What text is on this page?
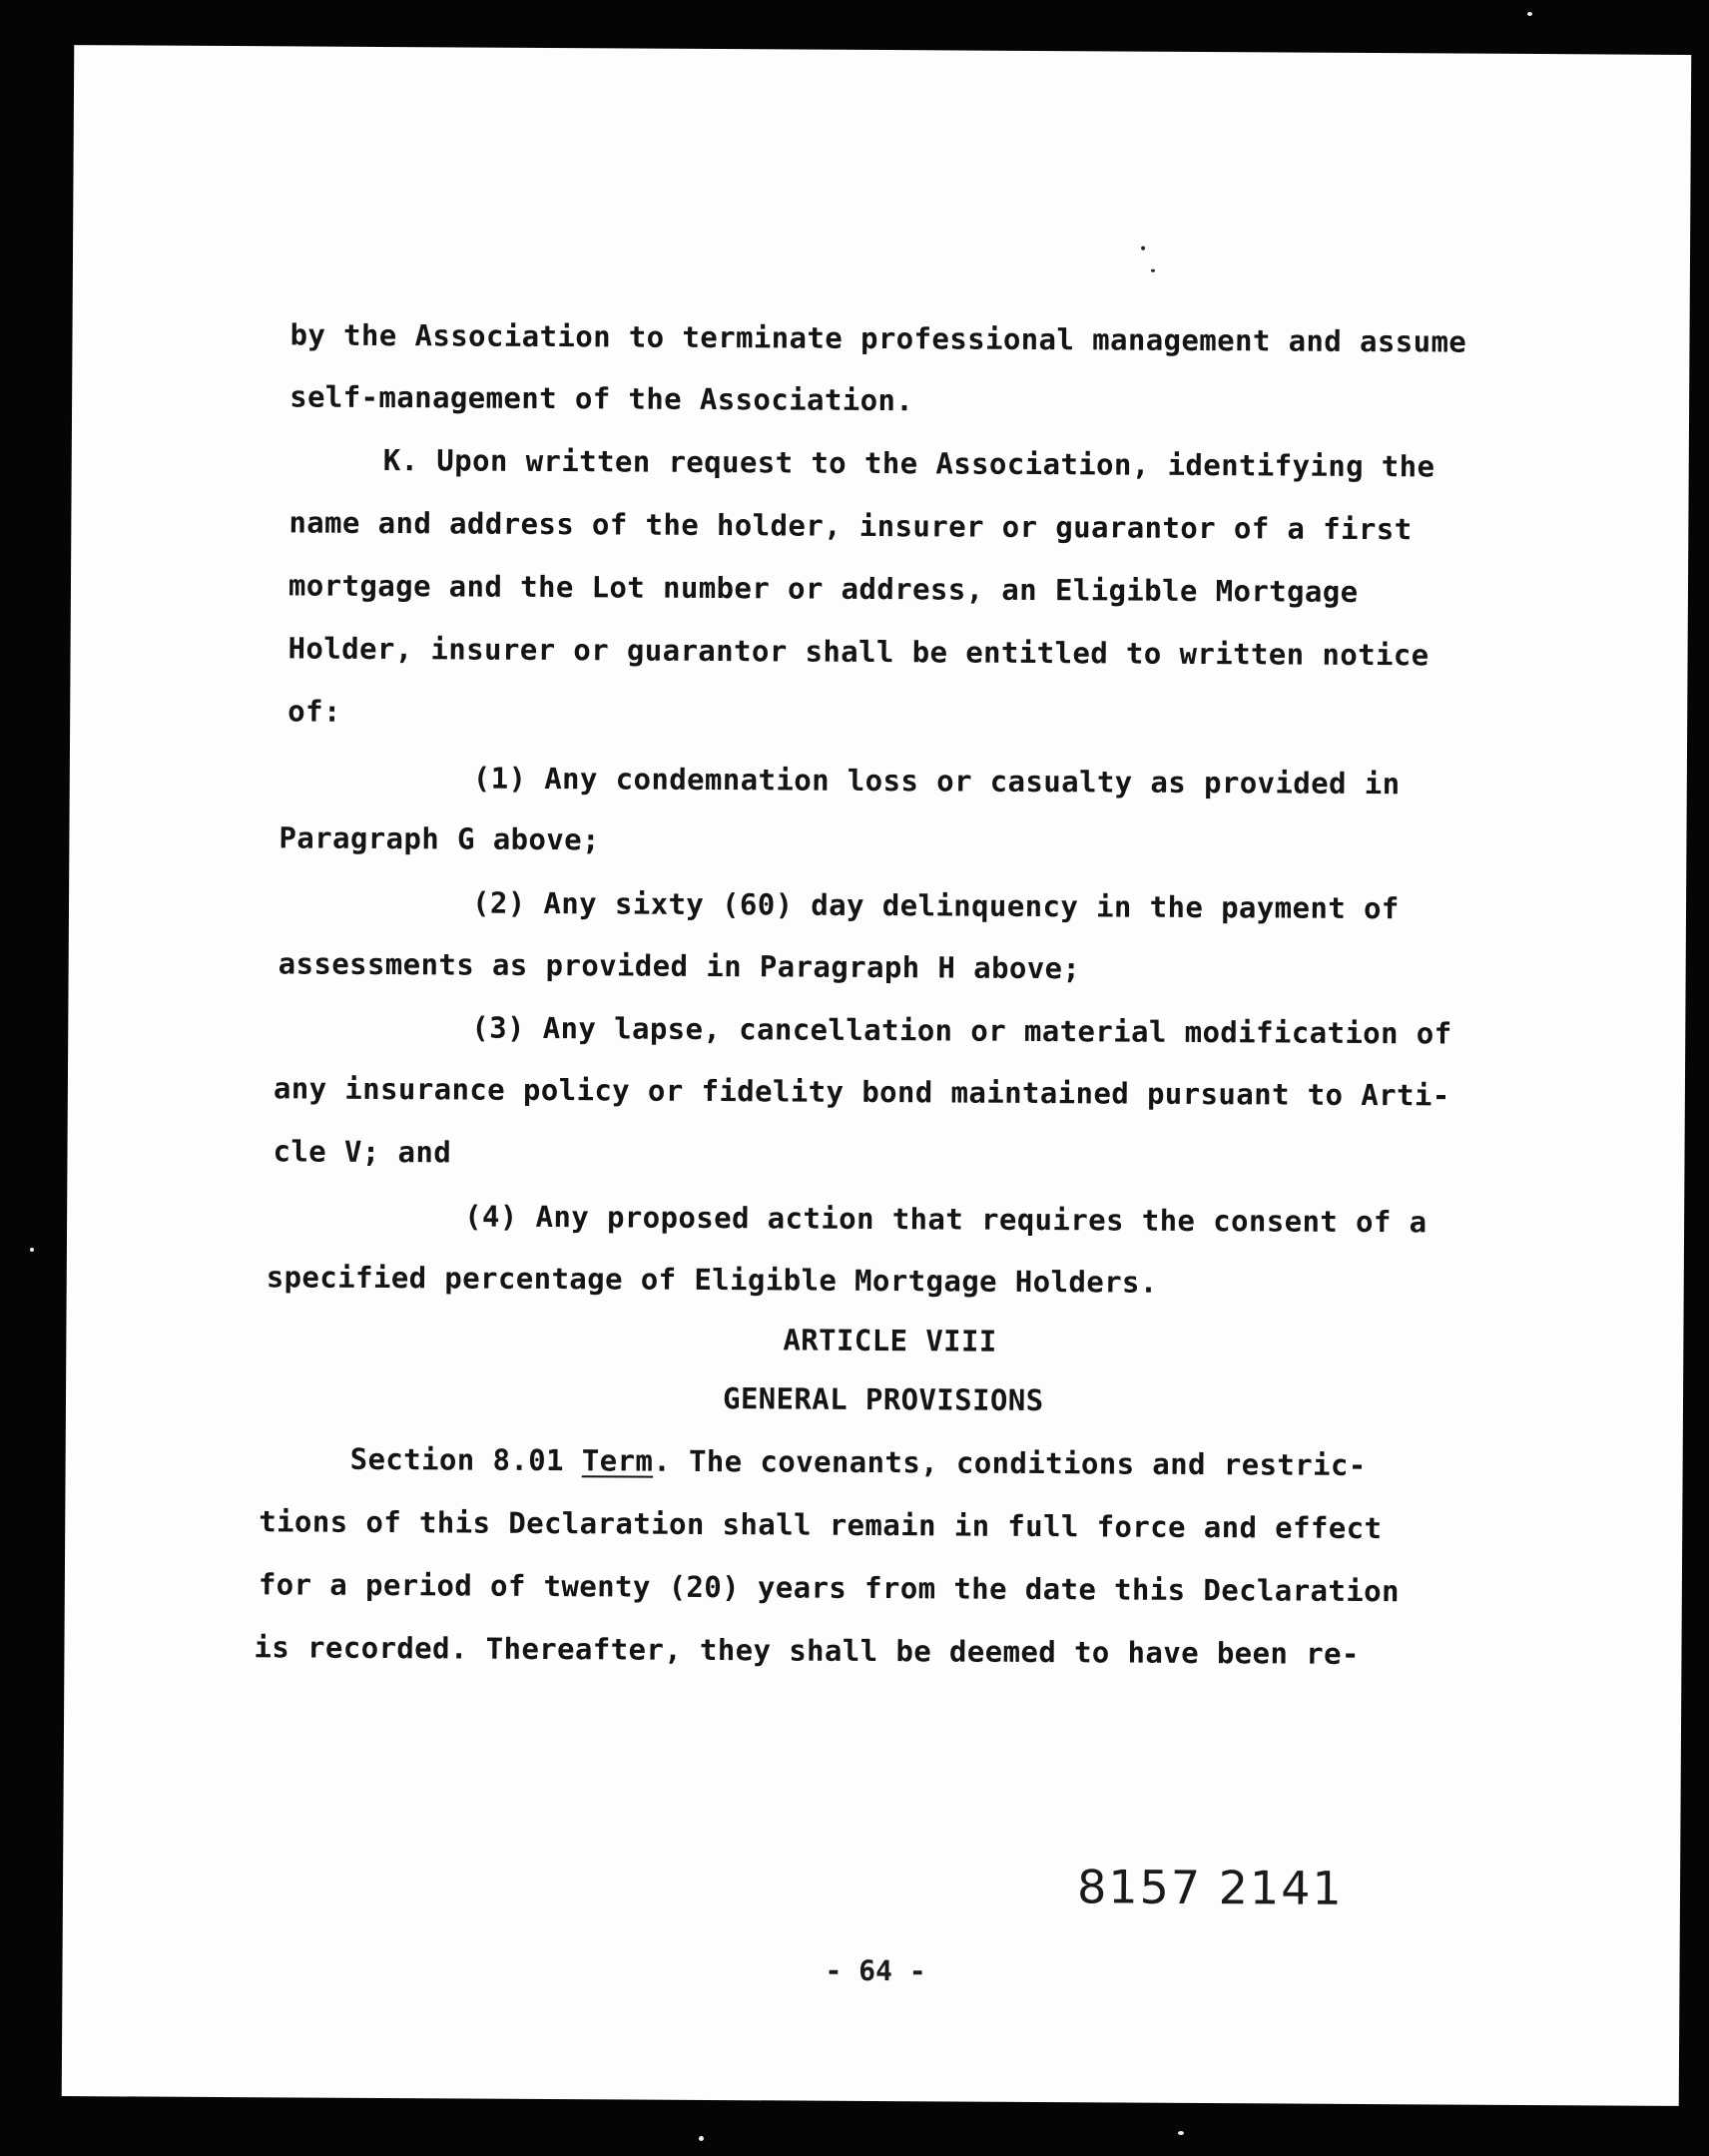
by the Association to terminate professional management and assume
self-management of the Association.
K. Upon written request to the Association, identifying the
name and address of the holder, insurer or guarantor of a first
mortgage and the Lot number or address, an Eligible Mortgage
Holder, insurer or guarantor shall be entitled to written notice
of:
(1) Any condemnation loss or casualty as provided in
Paragraph G above;
(2) Any sixty (60) day delinquency in the payment of
assessments as provided in Paragraph H above;
(3) Any lapse, cancellation or material modification of
any insurance policy or fidelity bond maintained pursuant to Arti-
cle V; and
(4) Any proposed action that requires the consent of a
specified percentage of Eligible Mortgage Holders.
ARTICLE VIII
GENERAL PROVISIONS
Section 8.01 Term. The covenants, conditions and restric-
tions of this Declaration shall remain in full force and effect
for a period of twenty (20) years from the date this Declaration
is recorded. Thereafter, they shall be deemed to have been re-
8157 2141
- 64 -
